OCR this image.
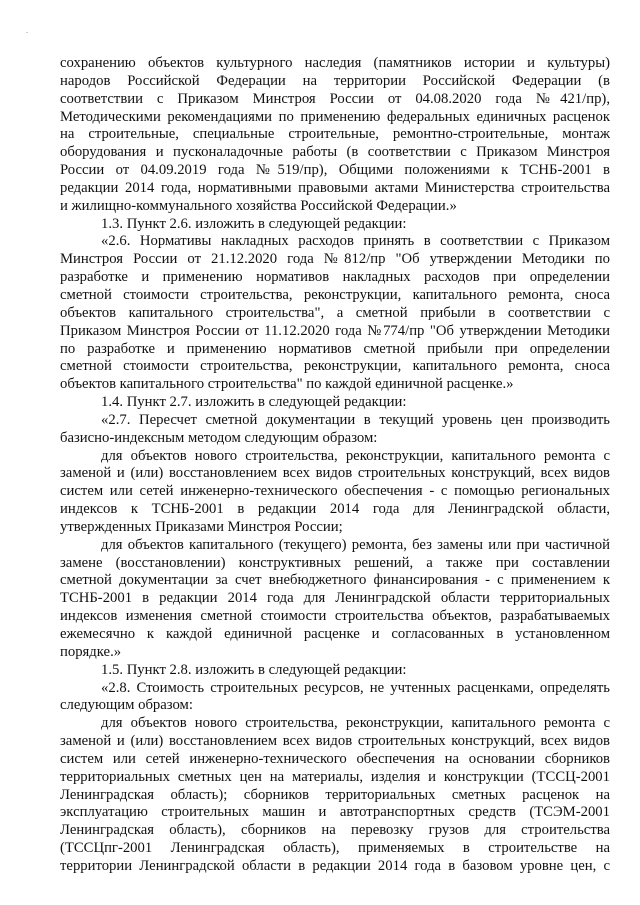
-
сохранению объектов культурного наследия (памятников истории и культуры)
народов Российской Федерации на территории Российской Федерации (в
соответствии с Приказом Минстроя России от 04.08.2020 года №421/пр),
Методическими рекомендациями по применению федеральных единичных расценок
на строительные, специальные строительные, ремонтно-строительные, монтаж
оборудования и пусконаладочные работы (в соответствии с Приказом Минстроя
России от 04.09.2019 года №519/пр), Общими положениями к ТСНБ-2001 в
редакции 2014 года, нормативными правовыми актами Министерства строительства
и жилищно-коммунального хозяйства Российской Федерации.»
1.3. Пункт 2.6. изложить в следующей редакции:
«2.6. Нормативы накладных расходов принять в соответствии с Приказом
Минстроя России от 21.12.2020 года №812/пр "Об утверждении Методики по
разработке и применению нормативов накладных расходов при определении
сметной стоимости строительства, реконструкции, капитального ремонта, сноса
объектов капитального строительства", а сметной прибыли в соответствии с
Приказом Минстроя России от 11.12.2020 года №774/пр "Об утверждении Методики
по разработке и применению нормативов сметной прибыли при определении
сметной стоимости строительства, реконструкции, капитального ремонта, сноса
объектов капитального строительства" по каждой единичной расценке.»
1.4. Пункт 2.7. изложить в следующей редакции:
«2.7. Пересчет сметной документации в текущий уровень цен производить
базисно-индексным методом следующим образом:
для объектов нового строительства, реконструкции, капитального ремонта с
заменой и (или) восстановлением всех видов строительных конструкций, всех видов
систем или сетей инженерно-технического обеспечения - с помощью региональных
индексов к ТСНБ-2001 в редакции 2014 года для Ленинградской области,
утвержденных Приказами Минстроя России;
для объектов капитального (текущего) ремонта, без замены или при частичной
замене (восстановлении) конструктивных решений, а также при составлении
сметной документации за счет внебюджетного финансирования - с применением к
ТСНБ-2001 в редакции 2014 года для Ленинградской области территориальных
индексов изменения сметной стоимости строительства объектов, разрабатываемых
ежемесячно к каждой единичной расценке и согласованных в установленном
порядке.»
1.5. Пункт 2.8. изложить в следующей редакции:
«2.8. Стоимость строительных ресурсов, не учтенных расценками, определять
следующим образом:
для объектов нового строительства, реконструкции, капитального ремонта с
заменой и (или) восстановлением всех видов строительных конструкций, всех видов
систем или сетей инженерно-технического обеспечения на основании сборников
территориальных сметных цен на материалы, изделия и конструкции (ТССЦ-2001
Ленинградская область); сборников территориальных сметных расценок на
эксплуатацию строительных машин и автотранспортных средств (ТСЭМ-2001
Ленинградская область), сборников на перевозку грузов для строительства
(ТССЦпг-2001 Ленинградская область), применяемых в строительстве на
территории Ленинградской области в редакции 2014 года в базовом уровне цен, с
